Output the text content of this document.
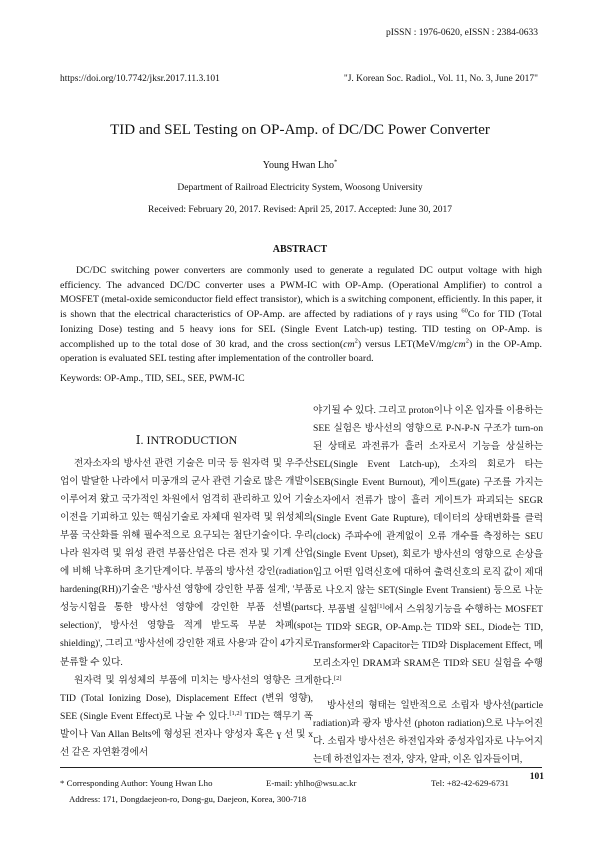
pISSN : 1976-0620, eISSN : 2384-0633
https://doi.org/10.7742/jksr.2017.11.3.101	"J. Korean Soc. Radiol., Vol. 11, No. 3, June 2017"
TID and SEL Testing on OP-Amp. of DC/DC Power Converter
Young Hwan Lho*
Department of Railroad Electricity System, Woosong University
Received: February 20, 2017. Revised: April 25, 2017. Accepted: June 30, 2017
ABSTRACT

DC/DC switching power converters are commonly used to generate a regulated DC output voltage with high efficiency. The advanced DC/DC converter uses a PWM-IC with OP-Amp. (Operational Amplifier) to control a MOSFET (metal-oxide semiconductor field effect transistor), which is a switching component, efficiently. In this paper, it is shown that the electrical characteristics of OP-Amp. are affected by radiations of γ rays using $^{60}$Co for TID (Total Ionizing Dose) testing and 5 heavy ions for SEL (Single Event Latch-up) testing. TID testing on OP-Amp. is accomplished up to the total dose of 30 krad, and the cross $section(cm^2)$ versus $LET(MeV/mg/cm^2)$ in the OP-Amp. operation is evaluated SEL testing after implementation of the controller board.

Keywords: OP-Amp., TID, SEL, SEE, PWM-IC
Ⅰ. INTRODUCTION

전자소자의 방사선 관련 기술은 미국 등 원자력 및 우주산업이 발달한 나라에서 미공개의 군사 관련 기술로 많은 개발이 이루어져 왔고 국가적인 차원에서 엄격히 관리하고 있어 기술이전을 기피하고 있는 핵심기술로 자체대 원자력 및 위성체의 부품 국산화를 위해 필수적으로 요구되는 첨단기술이다. 우리나라 원자력 및 위성 관련 부품산업은 다른 전자 및 기계 산업에 비해 낙후하며 초기단계이다. 부품의 방사선 강인(radiation hardening(RH))기술은 '방사선 영향에 강인한 부품 설계', '부품 성능시험을 통한 방사선 영향에 강인한 부품 선별(parts selection)', 방사선 영향을 적게 받도록 부분 차폐(spot shielding)', 그리고 '방사선에 강인한 재료 사용'과 같이 4가지로 분류할 수 있다.

원자력 및 위성체의 부품에 미치는 방사선의 영향은 크게 TID (Total Ionizing Dose), Displacement Effect (변위 영향), SEE (Single Event Effect)로 나눌 수 있다.[1,2] TID는 핵무기 폭발이나 Van Allan Belts에 형성된 전자나 양성자 혹은 ɣ 선 및 x선 같은 자연환경에서

야기될 수 있다. 그리고 proton이나 이온 입자를 이용하는 SEE 실험은 방사선의 영향으로 P-N-P-N 구조가 turn-on 된 상태로 과전류가 흘러 소자로서 기능을 상실하는 SEL(Single Event Latch-up), 소자의 회로가 타는 SEB(Single Event Burnout), 게이트(gate) 구조를 가지는 소자에서 전류가 많이 흘러 게이트가 파괴되는 SEGR (Single Event Gate Rupture), 데이터의 상태변화를 클럭(clock) 주파수에 관계없이 오류 개수를 측정하는 SEU (Single Event Upset), 회로가 방사선의 영향으로 손상을 입고 어떤 입력신호에 대하여 출력신호의 로직 값이 제대로 나오지 않는 SET(Single Event Transient) 등으로 나눈다. 부품별 실험[1]에서 스위칭기능을 수행하는 MOSFET는 TID와 SEGR, OP-Amp.는 TID와 SEL, Diode는 TID, Transformer와 Capacitor는 TID와 Displacement Effect, 메모리소자인 DRAM과 SRAM은 TID와 SEU 실험을 수행한다.[2]

방사선의 형태는 일반적으로 소립자 방사선(particle radiation)과 광자 방사선 (photon radiation)으로 나누어진다. 소립자 방사선은 하전입자와 중성자입자로 나누어지는데 하전입자는 전자, 양자, 알파, 이온 입자들이며,

* Corresponding Author: Young Hwan Lho	E-mail: yhlho@wsu.ac.kr	Tel: +82-42-629-6731
Address: 171, Dongdaejeon-ro, Dong-gu, Daejeon, Korea, 300-718
101
